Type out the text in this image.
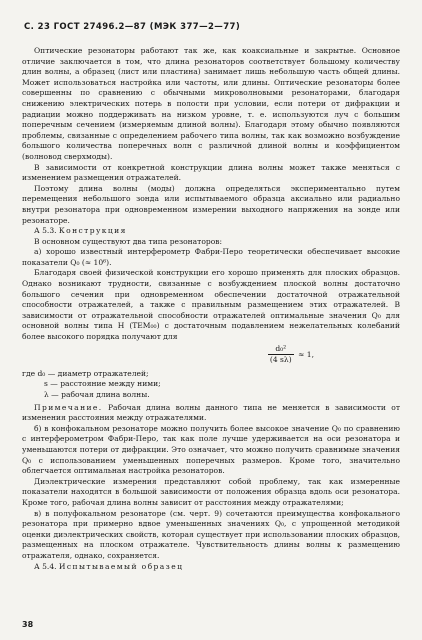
С. 23 ГОСТ 27496.2—87 (МЭК 377—2—77)

Оптические резонаторы работают так же, как коаксиальные и закрытые. Основное отличие заключается в том, что длина резонаторов соответствует большому количеству длин волны, а образец (лист или пластина) занимает лишь небольшую часть общей длины. Может использоваться настройка или частоты, или длины. Оптические резонаторы более совершенны по сравнению с обычными микроволновыми резонаторами, благодаря снижению электрических потерь в полости при условии, если потери от дифракции и радиации можно поддерживать на низком уровне, т. е. используются луч с большим поперечным сечением (измеряемым длиной волны). Благодаря этому обычно появляются проблемы, связанные с определением рабочего типа волны, так как возможно возбуждение большого количества поперечных волн с различной длиной волны и коэффициентом (волновод сверхмоды).

В зависимости от конкретной конструкции длина волны может также меняться с изменением размещения отражателей.

Поэтому длина волны (моды) должна определяться экспериментально путем перемещения небольшого зонда или испытываемого образца аксиально или радиально внутри резонатора при одновременном измерении выходного напряжения на зонде или резонаторе.

А 5.3. Конструкция

В основном существуют два типа резонаторов:

а) хорошо известный интерферометр Фабри-Перо теоретически обеспечивает высокие показатели Q₀ (≈ 10⁶).

Благодаря своей физической конструкции его хорошо применять для плоских образцов. Однако возникают трудности, связанные с возбуждением плоской волны достаточно большого сечения при одновременном обеспечении достаточной отражательной способности отражателей, а также с правильным размещением этих отражателей. В зависимости от отражательной способности отражателей оптимальные значения Q₀ для основной волны типа Н (TEM₀₀) с достаточным подавлением нежелательных колебаний более высокого порядка получают для

$\frac{\text{d₀²}}{(4 s\lambda)} \approx 1$,
где d₀ — диаметр отражателей;
s — расстояние между ними;
λ — рабочая длина волны.

Примечание. Рабочая длина волны данного типа не меняется в зависимости от изменения расстояния между отражателями.

б) в конфокальном резонаторе можно получить более высокое значение Q₀ по сравнению с интерферометром Фабри-Перо, так как поле лучше удерживается на оси резонатора и уменьшаются потери от дифракции. Это означает, что можно получить сравнимые значения Q₀ с использованием уменьшенных поперечных размеров. Кроме того, значительно облегчается оптимальная настройка резонаторов.

Диэлектрические измерения представляют собой проблему, так как измеренные показатели находятся в большой зависимости от положения образца вдоль оси резонатора. Кроме того, рабочая длина волны зависит от расстояния между отражателями;

в) в полуфокальном резонаторе (см. черт. 9) сочетаются преимущества конфокального резонатора при примерно вдвое уменьшенных значениях Q₀, с упрощенной методикой оценки диэлектрических свойств, которая существует при использовании плоских образцов, размещенных на плоском отражателе. Чувствительность длины волны к размещению отражателя, однако, сохраняется.

А 5.4. Испытываемый образец

38
